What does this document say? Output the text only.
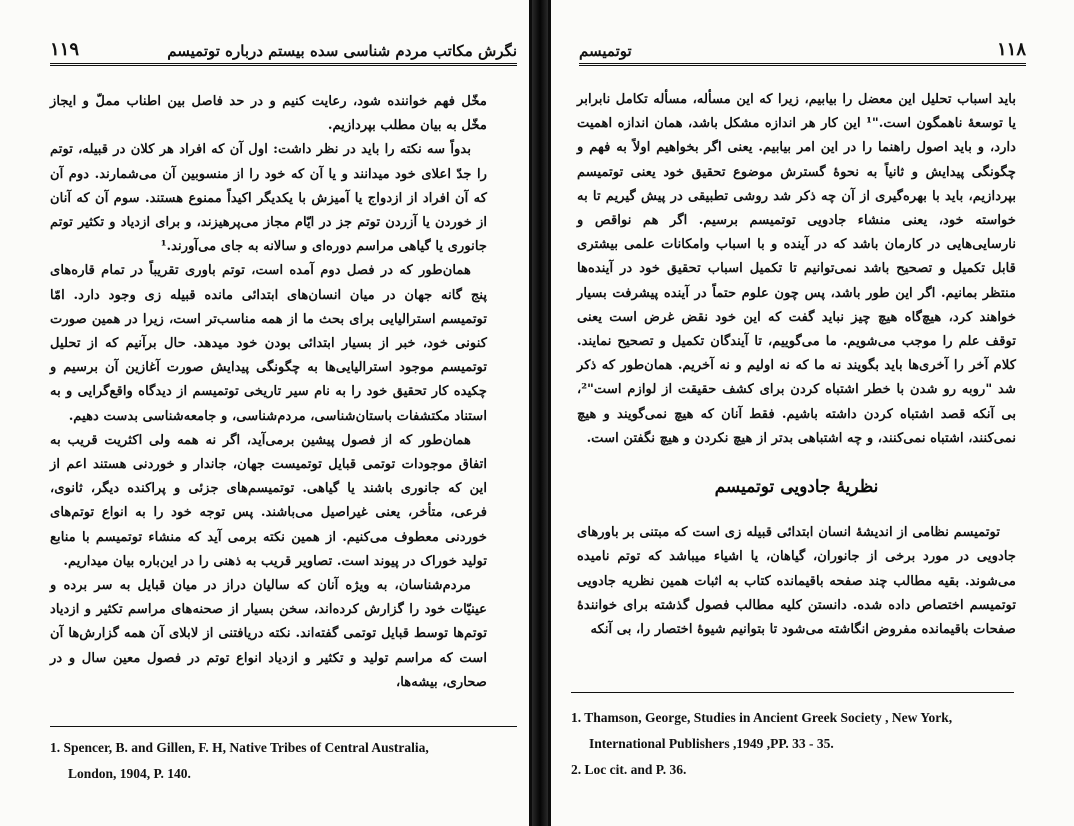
۱۱۹	نگرش مکاتب مردم شناسی سده بیستم درباره توتمیسم

مخّل فهم خواننده شود، رعایت کنیم و در حد فاصل بین اطناب مملّ و ایجاز مخّل به بیان مطلب بپردازیم.

بدواً سه نکته را باید در نظر داشت: اول آن که افراد هر کلان در قبیله، توتم را جدّ اعلای خود میدانند و یا آن که خود را از منسوبین آن می‌شمارند. دوم آن که آن افراد از ازدواج یا آمیزش با یکدیگر اکیداً ممنوع هستند. سوم آن که آنان از خوردن یا آزردن توتم جز در ایّام مجاز می‌پرهیزند، و برای ازدیاد و تکثیر توتم جانوری یا گیاهی مراسم دوره‌ای و سالانه به جای می‌آورند.¹

همان‌طور که در فصل دوم آمده است، توتم باوری تقریباً در تمام قاره‌های پنج گانه جهان در میان انسان‌های ابتدائی مانده قبیله زی وجود دارد. امّا توتمیسم استرالیایی برای بحث ما از همه مناسب‌تر است، زیرا در همین صورت کنونی خود، خبر از بسیار ابتدائی بودن خود میدهد. حال برآنیم که از تحلیل توتمیسم موجود استرالیایی‌ها به چگونگی پیدایش صورت آغازین آن برسیم و چکیده کار تحقیق خود را به نام سیر تاریخی توتمیسم از دیدگاه واقع‌گرایی و به استناد مکتشفات باستان‌شناسی، مردم‌شناسی، و جامعه‌شناسی بدست دهیم.

همان‌طور که از فصول پیشین برمی‌آید، اگر نه همه ولی اکثریت قریب به اتفاق موجودات توتمی قبایل توتمیست جهان، جاندار و خوردنی هستند اعم از این که جانوری باشند یا گیاهی. توتمیسم‌های جزئی و پراکنده دیگر، ثانوی، فرعی، متأخر، یعنی غیراصیل می‌باشند. پس توجه خود را به انواع توتم‌های خوردنی معطوف می‌کنیم. از همین نکته برمی آید که منشاء توتمیسم با منابع تولید خوراک در پیوند است. تصاویر قریب به ذهنی را در این‌باره بیان میداریم.

مردم‌شناسان، به ویژه آنان که سالیان دراز در میان قبایل به سر برده و عینیّات خود را گزارش کرده‌اند، سخن بسیار از صحنه‌های مراسم تکثیر و ازدیاد توتم‌ها توسط قبایل توتمی گفته‌اند. نکته دریافتنی از لابلای آن همه گزارش‌ها آن است که مراسم تولید و تکثیر و ازدیاد انواع توتم در فصول معین سال و در صحاری، بیشه‌ها،

1. Spencer, B. and Gillen, F. H, Native Tribes of Central Australia,
London, 1904, P. 140.

توتمیسم	۱۱۸

باید اسباب تحلیل این معضل را بیابیم، زیرا که این مسأله، مسأله تکامل نابرابر یا توسعهٔ ناهمگون است."¹ این کار هر اندازه مشکل باشد، همان اندازه اهمیت دارد، و باید اصول راهنما را در این امر بیابیم. یعنی اگر بخواهیم اولاً به فهم و چگونگی پیدایش و ثانیاً به نحوهٔ گسترش موضوع تحقیق خود یعنی توتمیسم بپردازیم، باید با بهره‌گیری از آن چه ذکر شد روشی تطبیقی در پیش گیریم تا به خواسته خود، یعنی منشاء جادویی توتمیسم برسیم. اگر هم نواقص و نارسایی‌هایی در کارمان باشد که در آینده و با اسباب وامکانات علمی بیشتری قابل تکمیل و تصحیح باشد نمی‌توانیم تا تکمیل اسباب تحقیق خود در آینده‌ها منتظر بمانیم. اگر این طور باشد، پس چون علوم حتماً در آینده پیشرفت بسیار خواهند کرد، هیچ‌گاه هیچ چیز نباید گفت که این خود نقض غرض است یعنی توقف علم را موجب می‌شویم. ما می‌گوییم، تا آیندگان تکمیل و تصحیح نمایند. کلام آخر را آخری‌ها باید بگویند نه ما که نه اولیم و نه آخریم. همان‌طور که ذکر شد "روبه رو شدن با خطر اشتباه کردن برای کشف حقیقت از لوازم است"²، بی آنکه قصد اشتباه کردن داشته باشیم. فقط آنان که هیچ نمی‌گویند و هیچ نمی‌کنند، اشتباه نمی‌کنند، و چه اشتباهی بدتر از هیچ نکردن و هیچ نگفتن است.

نظریهٔ جادویی توتمیسم

توتمیسم نظامی از اندیشهٔ انسان ابتدائی قبیله زی است که مبتنی بر باورهای جادویی در مورد برخی از جانوران، گیاهان، یا اشیاء میباشد که توتم نامیده می‌شوند. بقیه مطالب چند صفحه باقیمانده کتاب به اثبات همین نظریه جادویی توتمیسم اختصاص داده شده. دانستن کلیه مطالب فصول گذشته برای خوانندهٔ صفحات باقیمانده مفروض انگاشته می‌شود تا بتوانیم شیوهٔ اختصار را، بی آنکه

1. Thamson, George, Studies in Ancient Greek Society , New York,
International Publishers ,1949 ,PP. 33 - 35.

2. Loc cit. and P. 36.
